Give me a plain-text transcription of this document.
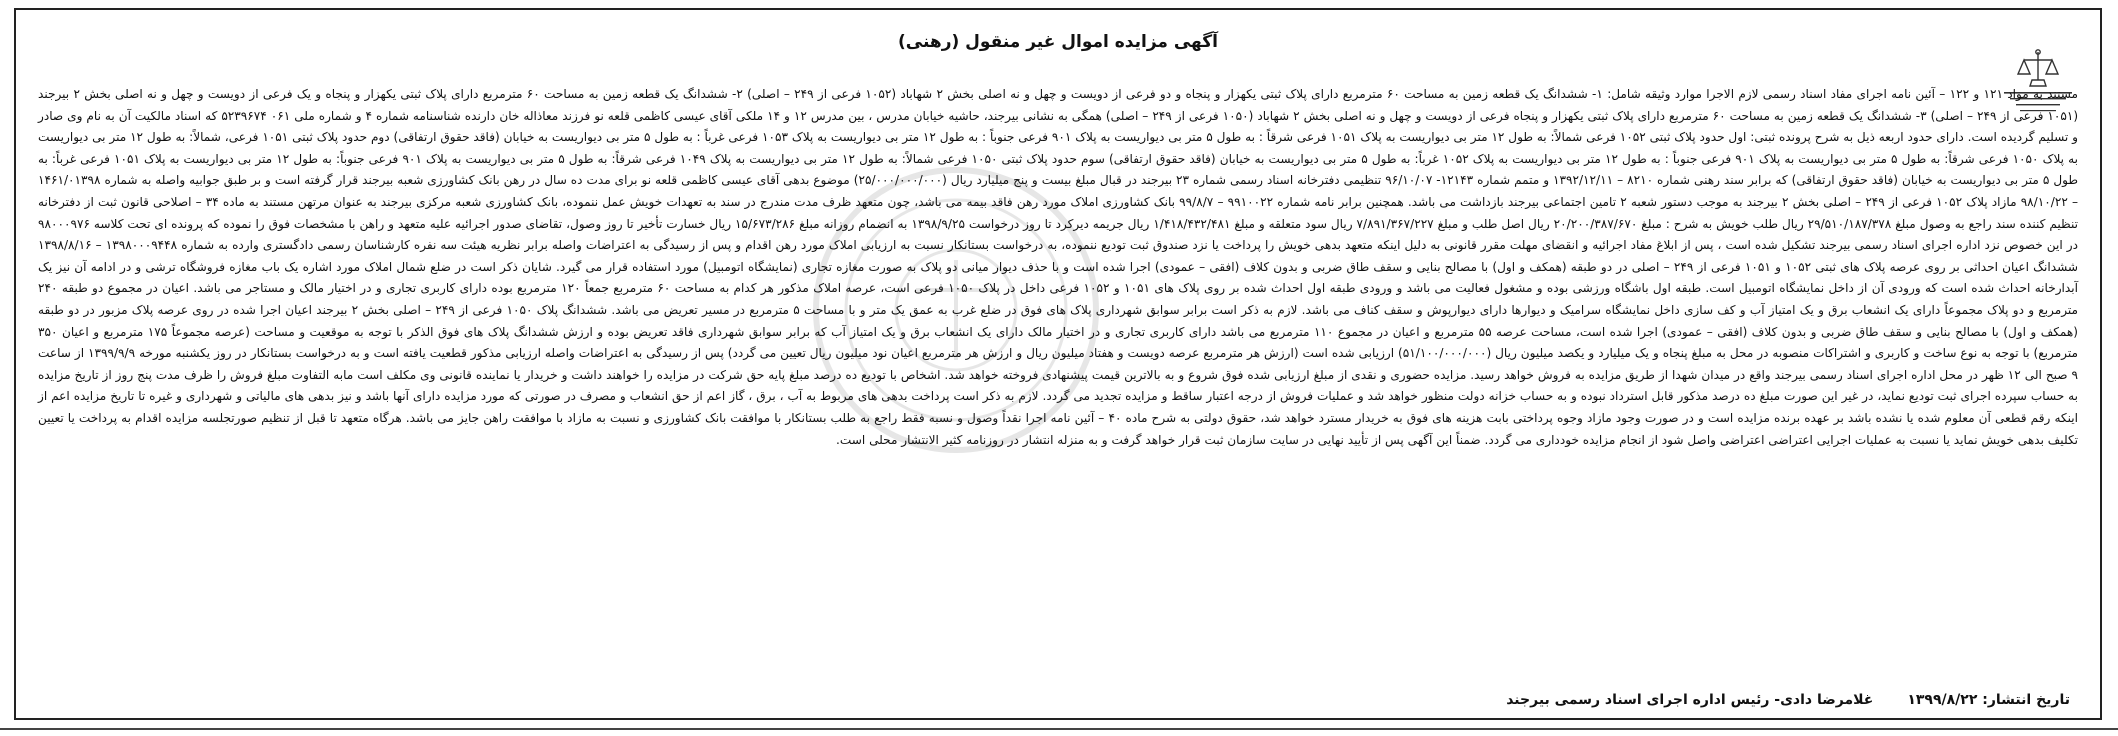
آگهی مزایده اموال غیر منقول (رهنی)
مستند به مواد ۱۲۱ و ۱۲۲ – آئین نامه اجرای مفاد اسناد رسمی لازم الاجرا موارد وثیقه شامل: ۱- ششدانگ یک قطعه زمین به مساحت ۶۰ مترمربع دارای پلاک ثبتی یکهزار و پنجاه و دو فرعی از دویست و چهل و نه اصلی بخش ۲ شهاباد (۱۰۵۲ فرعی از ۲۴۹ – اصلی) ۲- ششدانگ یک قطعه زمین به مساحت ۶۰ مترمربع دارای پلاک ثبتی یکهزار و پنجاه و یک فرعی از دویست و چهل و نه اصلی بخش ۲ بیرجند (۱۰۵۱ فرعی از ۲۴۹ – اصلی) ۳- ششدانگ یک قطعه زمین به مساحت ۶۰ مترمربع دارای پلاک ثبتی یکهزار و پنجاه فرعی از دویست و چهل و نه اصلی بخش ۲ شهاباد (۱۰۵۰ فرعی از ۲۴۹ – اصلی) همگی به نشانی بیرجند، حاشیه خیابان مدرس ، بین مدرس ۱۲ و ۱۴ ملکی آقای عیسی کاظمی قلعه نو فرزند معاذاله خان دارنده شناسنامه شماره ۴ و شماره ملی ۰۶۱ ۵۲۳۹۶۷۴ که اسناد مالکیت آن به نام وی صادر و تسلیم گردیده است. دارای حدود اربعه ذیل به شرح پرونده ثبتی: اول حدود پلاک ثبتی ۱۰۵۲ فرعی شمالاً: به طول ۱۲ متر بی دیواریست به پلاک ۱۰۵۱ فرعی شرقاً : به طول ۵ متر بی دیواریست به پلاک ۹۰۱ فرعی جنوباً : به طول ۱۲ متر بی دیواریست به پلاک ۱۰۵۳ فرعی غرباً : به طول ۵ متر بی دیواریست به خیابان (فاقد حقوق ارتفاقی) دوم حدود پلاک ثبتی ۱۰۵۱ فرعی، شمالاً: به طول ۱۲ متر بی دیواریست به پلاک ۱۰۵۰ فرعی شرقاً: به طول ۵ متر بی دیواریست به پلاک ۹۰۱ فرعی جنوباً : به طول ۱۲ متر بی دیواریست به پلاک ۱۰۵۲ غرباً: به طول ۵ متر بی دیواریست به خیابان (فاقد حقوق ارتفاقی) سوم حدود پلاک ثبتی ۱۰۵۰ فرعی شمالاً: به طول ۱۲ متر بی دیواریست به پلاک ۱۰۴۹ فرعی شرقاً: به طول ۵ متر بی دیواریست به پلاک ۹۰۱ فرعی جنوباً: به طول ۱۲ متر بی دیواریست به پلاک ۱۰۵۱ فرعی غرباً: به طول ۵ متر بی دیواریست به خیابان (فاقد حقوق ارتفاقی) که برابر سند رهنی شماره ۸۲۱۰ – ۱۳۹۲/۱۲/۱۱ و متمم شماره ۱۲۱۴۳- ۹۶/۱۰/۰۷ تنظیمی دفترخانه اسناد رسمی شماره ۲۳ بیرجند در قبال مبلغ بیست و پنج میلیارد ریال (۲۵/۰۰۰/۰۰۰/۰۰۰) موضوع بدهی آقای عیسی کاظمی قلعه نو برای مدت ده سال در رهن بانک کشاورزی شعبه بیرجند قرار گرفته است و بر طبق جوابیه واصله به شماره ۱۴۶۱/۰۱۳۹۸ – ۹۸/۱۰/۲۲ مازاد پلاک ۱۰۵۲ فرعی از ۲۴۹ – اصلی بخش ۲ بیرجند به موجب دستور شعبه ۲ تامین اجتماعی بیرجند بازداشت می باشد. همچنین برابر نامه شماره ۹۹۱۰۰۲۲ – ۹۹/۸/۷ بانک کشاورزی املاک مورد رهن فاقد بیمه می باشد، چون متعهد ظرف مدت مندرج در سند به تعهدات خویش عمل ننموده، بانک کشاورزی شعبه مرکزی بیرجند به عنوان مرتهن مستند به ماده ۳۴ – اصلاحی قانون ثبت از دفترخانه تنظیم کننده سند راجع به وصول مبلغ ۲۹/۵۱۰/۱۸۷/۳۷۸ ریال طلب خویش به شرح : مبلغ ۲۰/۲۰۰/۳۸۷/۶۷۰ ریال اصل طلب و مبلغ ۷/۸۹۱/۳۶۷/۲۲۷ ریال سود متعلقه و مبلغ ۱/۴۱۸/۴۳۲/۴۸۱ ریال جریمه دیرکرد تا روز درخواست ۱۳۹۸/۹/۲۵ به انضمام روزانه مبلغ ۱۵/۶۷۳/۲۸۶ ریال خسارت تأخیر تا روز وصول، تقاضای صدور اجرائیه علیه متعهد و راهن با مشخصات فوق را نموده که پرونده ای تحت کلاسه ۹۸۰۰۰۹۷۶ در این خصوص نزد اداره اجرای اسناد رسمی بیرجند تشکیل شده است ، پس از ابلاغ مفاد اجرائیه و انقضای مهلت مقرر قانونی به دلیل اینکه متعهد بدهی خویش را پرداخت یا نزد صندوق ثبت تودیع ننموده، به درخواست بستانکار نسبت به ارزیابی املاک مورد رهن اقدام و پس از رسیدگی به اعتراضات واصله برابر نظریه هیئت سه نفره کارشناسان رسمی دادگستری وارده به شماره ۱۳۹۸۰۰۰۹۴۴۸ – ۱۳۹۸/۸/۱۶ ششدانگ اعیان احداثی بر روی عرصه پلاک های ثبتی ۱۰۵۲ و ۱۰۵۱ فرعی از ۲۴۹ – اصلی در دو طبقه (همکف و اول) با مصالح بنایی و سقف طاق ضربی و بدون کلاف (افقی – عمودی) اجرا شده است و با حذف دیوار میانی دو پلاک به صورت مغازه تجاری (نمایشگاه اتومبیل) مورد استفاده قرار می گیرد. شایان ذکر است در ضلع شمال املاک مورد اشاره یک باب مغازه فروشگاه ترشی و در ادامه آن نیز یک آبدارخانه احداث شده است که ورودی آن از داخل نمایشگاه اتومبیل است. طبقه اول باشگاه ورزشی بوده و مشغول فعالیت می باشد و ورودی طبقه اول احداث شده بر روی پلاک های ۱۰۵۱ و ۱۰۵۲ فرعی داخل در پلاک ۱۰۵۰ فرعی است، عرصه املاک مذکور هر کدام به مساحت ۶۰ مترمربع جمعاً ۱۲۰ مترمربع بوده دارای کاربری تجاری و در اختیار مالک و مستاجر می باشد. اعیان در مجموع دو طبقه ۲۴۰ مترمربع و دو پلاک مجموعاً دارای یک انشعاب برق و یک امتیاز آب و کف سازی داخل نمایشگاه سرامیک و دیوارها دارای دیوارپوش و سقف کناف می باشد. لازم به ذکر است برابر سوابق شهرداری پلاک های فوق در ضلع غرب به عمق یک متر و با مساحت ۵ مترمربع در مسیر تعریض می باشد. ششدانگ پلاک ۱۰۵۰ فرعی از ۲۴۹ – اصلی بخش ۲ بیرجند اعیان اجرا شده در روی عرصه پلاک مزبور در دو طبقه (همکف و اول) با مصالح بنایی و سقف طاق ضربی و بدون کلاف (افقی – عمودی) اجرا شده است، مساحت عرصه ۵۵ مترمربع و اعیان در مجموع ۱۱۰ مترمربع می باشد دارای کاربری تجاری و در اختیار مالک دارای یک انشعاب برق و یک امتیاز آب که برابر سوابق شهرداری فاقد تعریض بوده و ارزش ششدانگ پلاک های فوق الذکر با توجه به موقعیت و مساحت (عرصه مجموعاً ۱۷۵ مترمربع و اعیان ۳۵۰ مترمربع) با توجه به نوع ساخت و کاربری و اشتراکات منصوبه در محل به مبلغ پنجاه و یک میلیارد و یکصد میلیون ریال (۵۱/۱۰۰/۰۰۰/۰۰۰) ارزیابی شده است (ارزش هر مترمربع عرصه دویست و هفتاد میلیون ریال و ارزش هر مترمربع اعیان نود میلیون ریال تعیین می گردد) پس از رسیدگی به اعتراضات واصله ارزیابی مذکور قطعیت یافته است و به درخواست بستانکار در روز یکشنبه مورخه ۱۳۹۹/۹/۹ از ساعت ۹ صبح الی ۱۲ ظهر در محل اداره اجرای اسناد رسمی بیرجند واقع در میدان شهدا از طریق مزایده به فروش خواهد رسید. مزایده حضوری و نقدی از مبلغ ارزیابی شده فوق شروع و به بالاترین قیمت پیشنهادی فروخته خواهد شد. اشخاص با تودیع ده درصد مبلغ پایه حق شرکت در مزایده را خواهند داشت و خریدار یا نماینده قانونی وی مکلف است مابه التفاوت مبلغ فروش را ظرف مدت پنج روز از تاریخ مزایده به حساب سپرده اجرای ثبت تودیع نماید، در غیر این صورت مبلغ ده درصد مذکور قابل استرداد نبوده و به حساب خزانه دولت منظور خواهد شد و عملیات فروش از درجه اعتبار ساقط و مزایده تجدید می گردد. لازم به ذکر است پرداخت بدهی های مربوط به آب ، برق ، گاز اعم از حق انشعاب و مصرف در صورتی که مورد مزایده دارای آنها باشد و نیز بدهی های مالیاتی و شهرداری و غیره تا تاریخ مزایده اعم از اینکه رقم قطعی آن معلوم شده یا نشده باشد بر عهده برنده مزایده است و در صورت وجود مازاد وجوه پرداختی بابت هزینه های فوق به خریدار مسترد خواهد شد، حقوق دولتی به شرح ماده ۴۰ – آئین نامه اجرا نقداً وصول و نسبه فقط راجع به طلب بستانکار با موافقت بانک کشاورزی و نسبت به مازاد با موافقت راهن جایز می باشد. هرگاه متعهد تا قبل از تنظیم صورتجلسه مزایده اقدام به پرداخت یا تعیین تکلیف بدهی خویش نماید یا نسبت به عملیات اجرایی اعتراضی اعتراضی واصل شود از انجام مزایده خودداری می گردد. ضمناً این آگهی پس از تأیید نهایی در سایت سازمان ثبت قرار خواهد گرفت و به منزله انتشار در روزنامه کثیر الانتشار محلی است.
تاریخ انتشار: ۱۳۹۹/۸/۲۲غلامرضا دادی- رئیس اداره اجرای اسناد رسمی بیرجند
